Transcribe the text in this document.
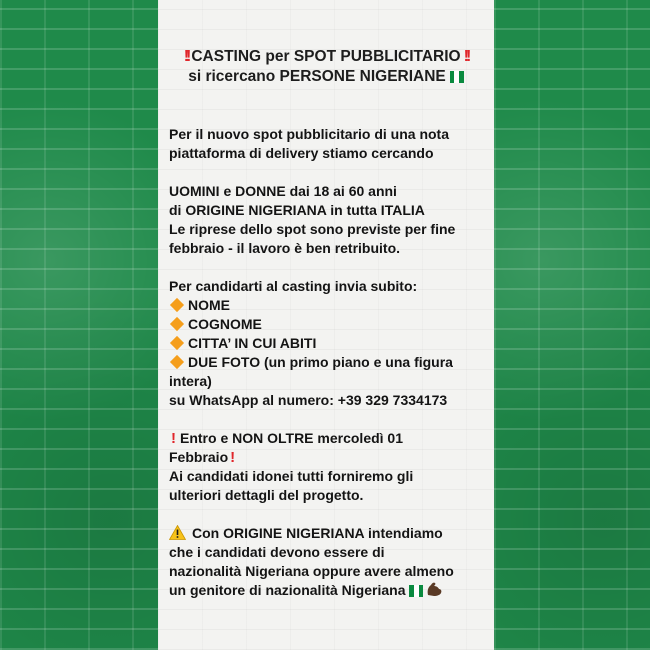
!! CASTING per SPOT PUBBLICITARIO !!
si ricercano PERSONE NIGERIANE

Per il nuovo spot pubblicitario di una nota

piattaforma di delivery stiamo cercando

UOMINI e DONNE dai 18 ai 60 anni

di ORIGINE NIGERIANA in tutta ITALIA

Le riprese dello spot sono previste per fine

febbraio - il lavoro è ben retribuito.

Per candidarti al casting invia subito:

NOME

COGNOME

CITTA’ IN CUI ABITI

DUE FOTO (un primo piano e una figura

intera)

su WhatsApp al numero: +39 329 7334173

! Entro e NON OLTRE mercoledì 01

Febbraio !

Ai candidati idonei tutti forniremo gli

ulteriori dettagli del progetto.

Con ORIGINE NIGERIANA intendiamo

che i candidati devono essere di

nazionalità Nigeriana oppure avere almeno

un genitore di nazionalità Nigeriana
